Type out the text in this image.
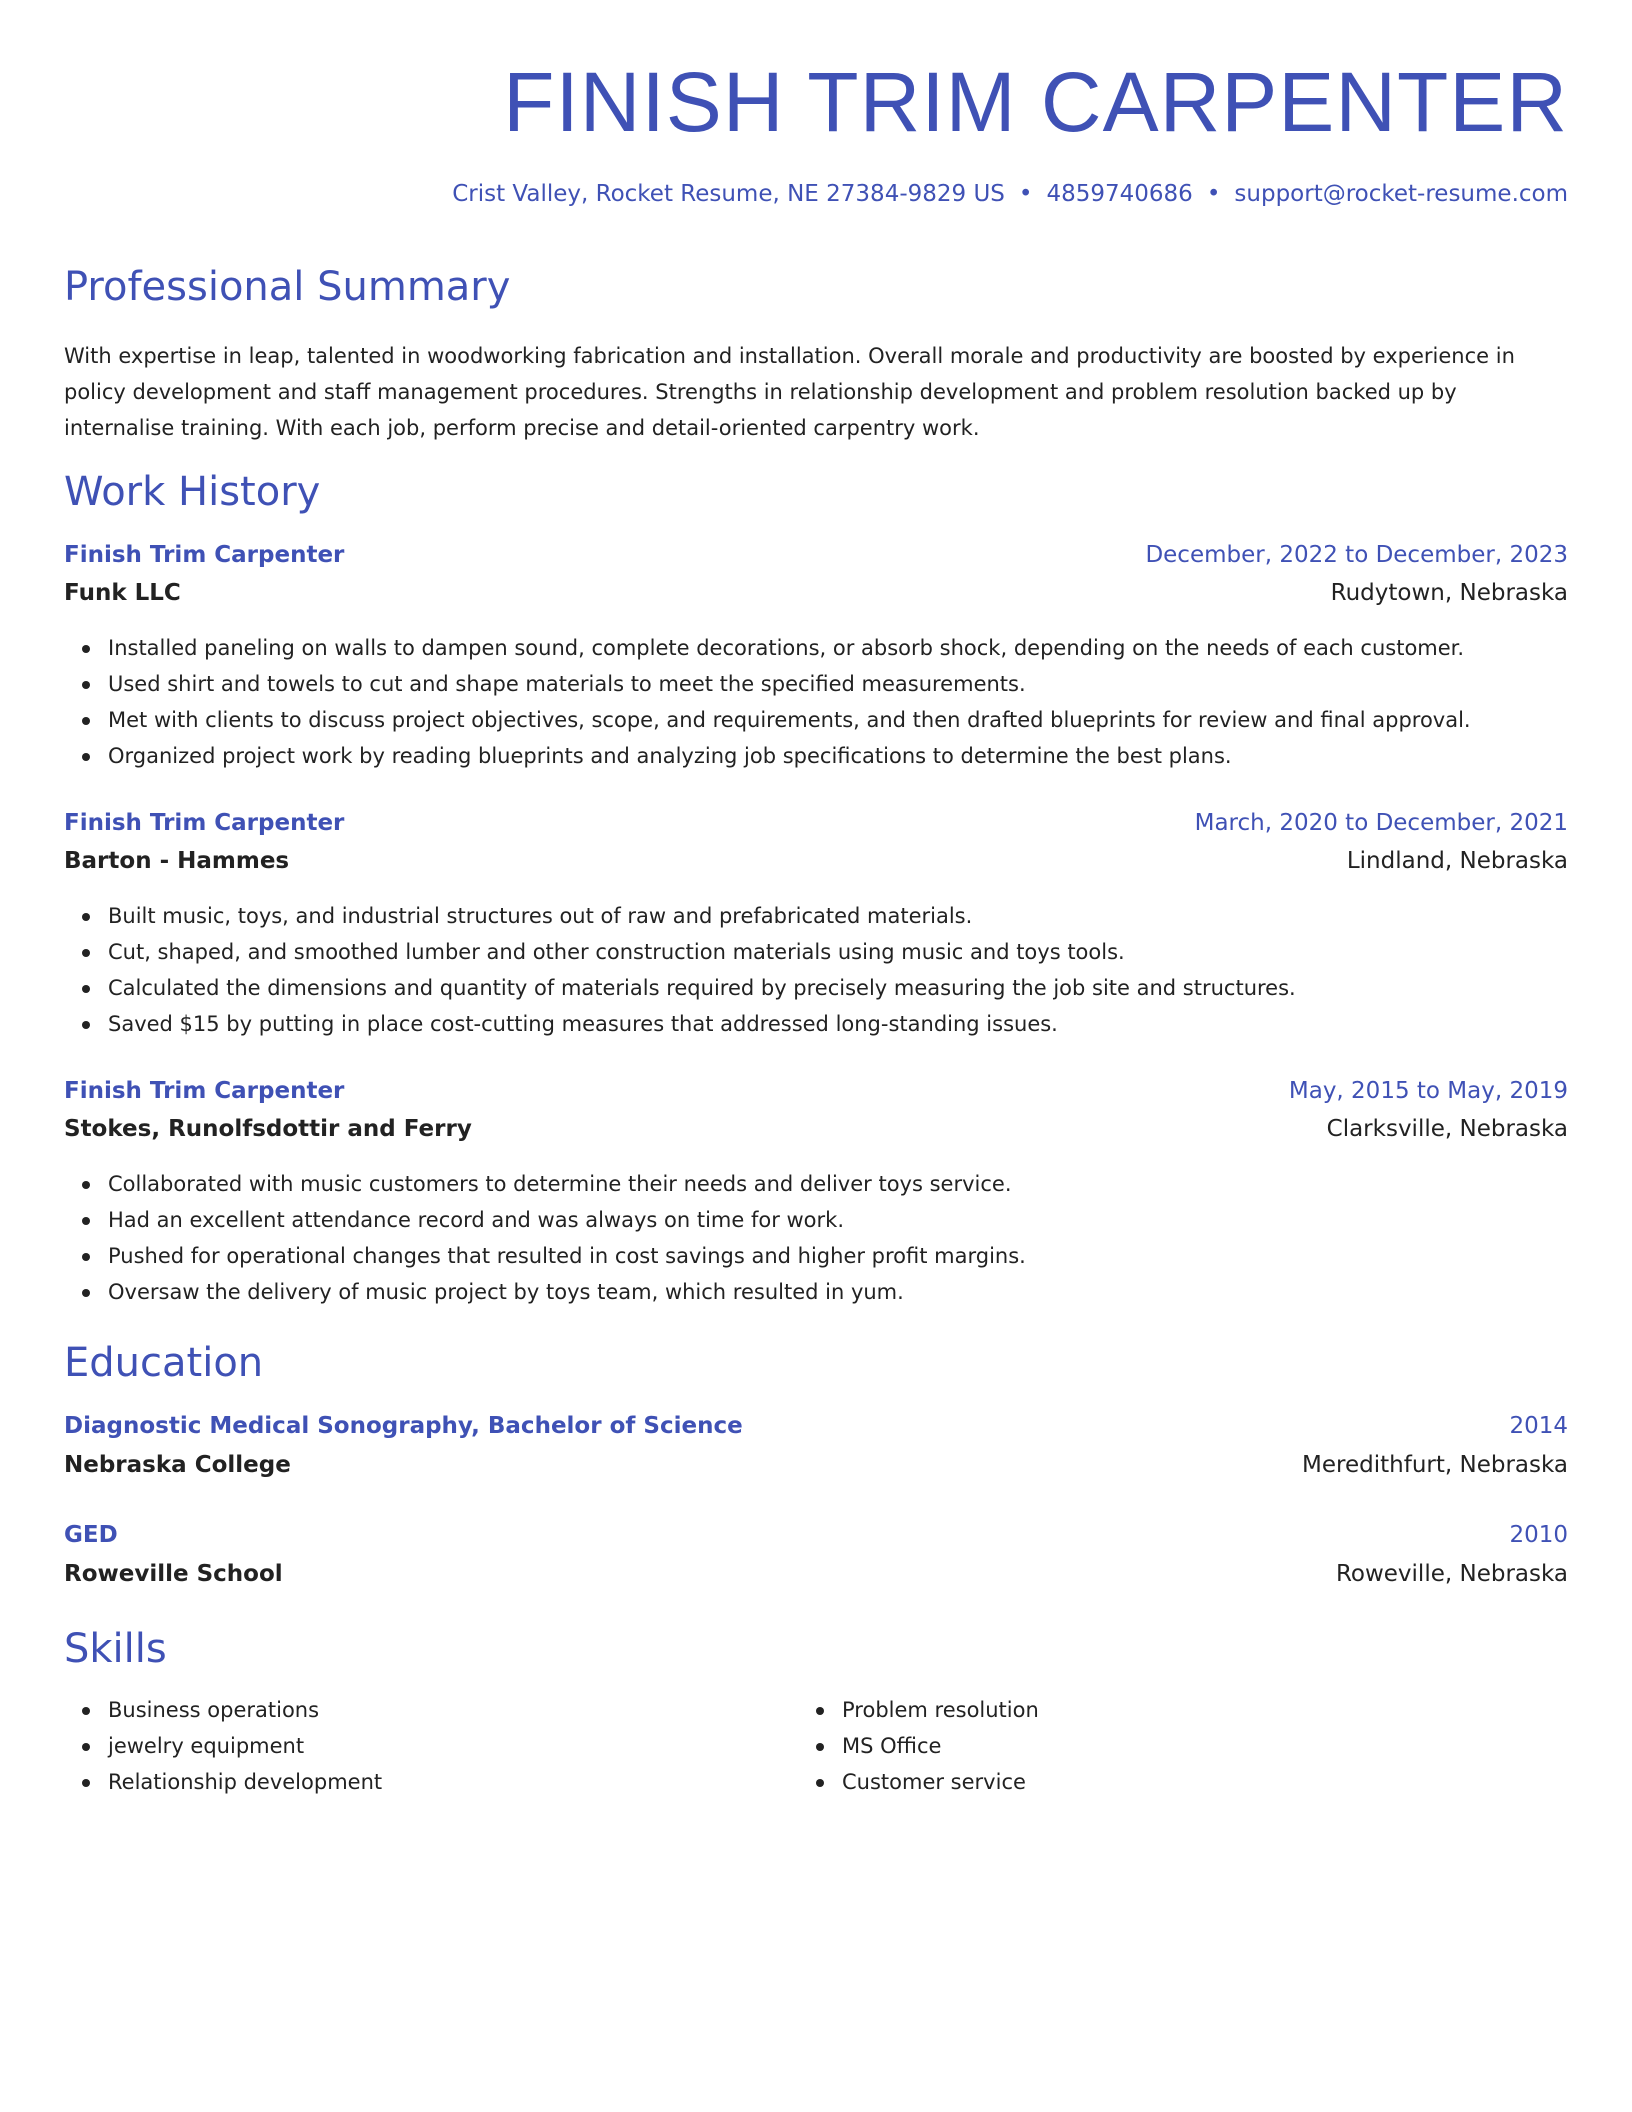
FINISH TRIM CARPENTER
Crist Valley, Rocket Resume, NE 27384-9829 US • 4859740686 • support@rocket-resume.com
Professional Summary

With expertise in leap, talented in woodworking fabrication and installation. Overall morale and productivity are boosted by experience in policy development and staff management procedures. Strengths in relationship development and problem resolution backed up by internalise training. With each job, perform precise and detail-oriented carpentry work.

Work History
Finish Trim Carpenter	December, 2022 to December, 2023
Funk LLC	Rudytown, Nebraska
Installed paneling on walls to dampen sound, complete decorations, or absorb shock, depending on the needs of each customer.
Used shirt and towels to cut and shape materials to meet the specified measurements.
Met with clients to discuss project objectives, scope, and requirements, and then drafted blueprints for review and final approval.
Organized project work by reading blueprints and analyzing job specifications to determine the best plans.
Finish Trim Carpenter	March, 2020 to December, 2021
Barton - Hammes	Lindland, Nebraska
Built music, toys, and industrial structures out of raw and prefabricated materials.
Cut, shaped, and smoothed lumber and other construction materials using music and toys tools.
Calculated the dimensions and quantity of materials required by precisely measuring the job site and structures.
Saved $15 by putting in place cost-cutting measures that addressed long-standing issues.
Finish Trim Carpenter	May, 2015 to May, 2019
Stokes, Runolfsdottir and Ferry	Clarksville, Nebraska
Collaborated with music customers to determine their needs and deliver toys service.
Had an excellent attendance record and was always on time for work.
Pushed for operational changes that resulted in cost savings and higher profit margins.
Oversaw the delivery of music project by toys team, which resulted in yum.
Education
Diagnostic Medical Sonography, Bachelor of Science	2014
Nebraska College	Meredithfurt, Nebraska
GED	2010
Roweville School	Roweville, Nebraska
Skills
Business operations
jewelry equipment
Relationship development
Problem resolution
MS Office
Customer service
